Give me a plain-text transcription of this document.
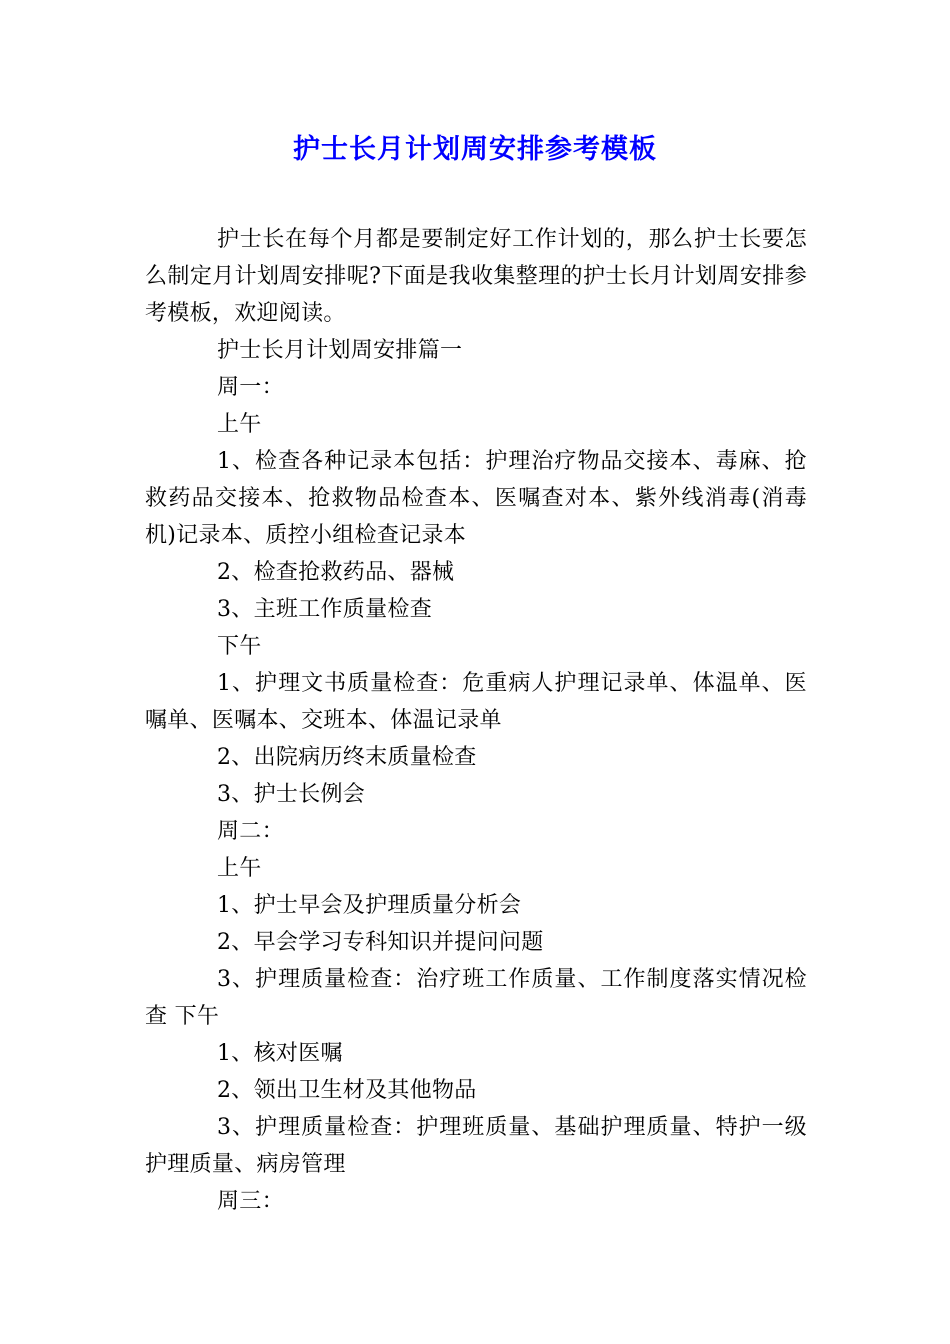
护士长月计划周安排参考模板

护士长在每个月都是要制定好工作计划的，那么护士长要怎么制定月计划周安排呢?下面是我收集整理的护士长月计划周安排参考模板，欢迎阅读。

护士长月计划周安排篇一

周一：

上午

1、检查各种记录本包括：护理治疗物品交接本、毒麻、抢救药品交接本、抢救物品检查本、医嘱查对本、紫外线消毒(消毒机)记录本、质控小组检查记录本

2、检查抢救药品、器械

3、主班工作质量检查

下午

1、护理文书质量检查：危重病人护理记录单、体温单、医嘱单、医嘱本、交班本、体温记录单

2、出院病历终末质量检查

3、护士长例会

周二：

上午

1、护士早会及护理质量分析会

2、早会学习专科知识并提问问题

3、护理质量检查：治疗班工作质量、工作制度落实情况检查 下午

1、核对医嘱

2、领出卫生材及其他物品

3、护理质量检查：护理班质量、基础护理质量、特护一级护理质量、病房管理

周三：
